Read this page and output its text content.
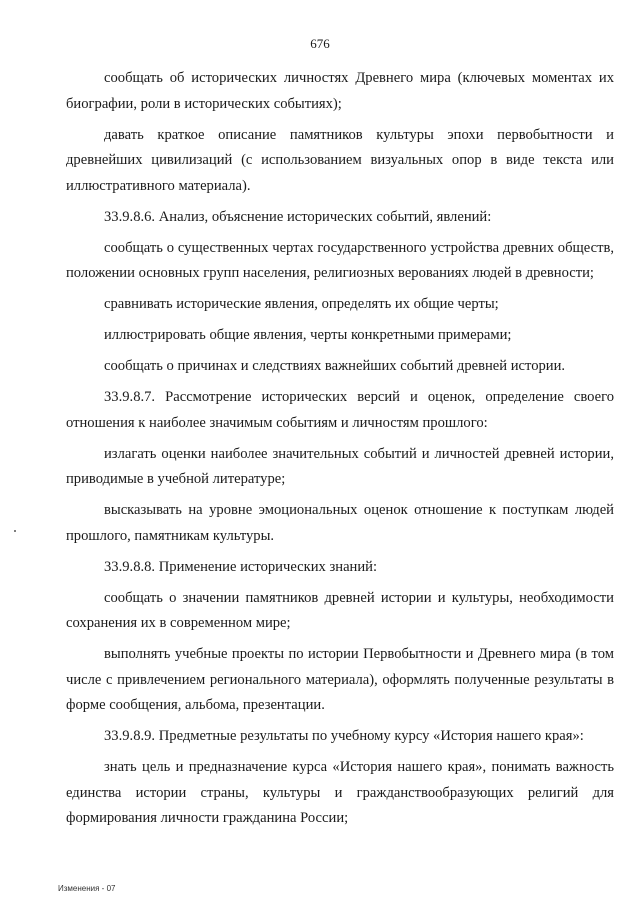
676

сообщать об исторических личностях Древнего мира (ключевых моментах их биографии, роли в исторических событиях);

давать краткое описание памятников культуры эпохи первобытности и древнейших цивилизаций (с использованием визуальных опор в виде текста или иллюстративного материала).

33.9.8.6. Анализ, объяснение исторических событий, явлений:

сообщать о существенных чертах государственного устройства древних обществ, положении основных групп населения, религиозных верованиях людей в древности;

сравнивать исторические явления, определять их общие черты;

иллюстрировать общие явления, черты конкретными примерами;

сообщать о причинах и следствиях важнейших событий древней истории.

33.9.8.7. Рассмотрение исторических версий и оценок, определение своего отношения к наиболее значимым событиям и личностям прошлого:

излагать оценки наиболее значительных событий и личностей древней истории, приводимые в учебной литературе;

высказывать на уровне эмоциональных оценок отношение к поступкам людей прошлого, памятникам культуры.

33.9.8.8. Применение исторических знаний:

сообщать о значении памятников древней истории и культуры, необходимости сохранения их в современном мире;

выполнять учебные проекты по истории Первобытности и Древнего мира (в том числе с привлечением регионального материала), оформлять полученные результаты в форме сообщения, альбома, презентации.

33.9.8.9. Предметные результаты по учебному курсу «История нашего края»:

знать цель и предназначение курса «История нашего края», понимать важность единства истории страны, культуры и гражданствообразующих религий для формирования личности гражданина России;

Изменения - 07
